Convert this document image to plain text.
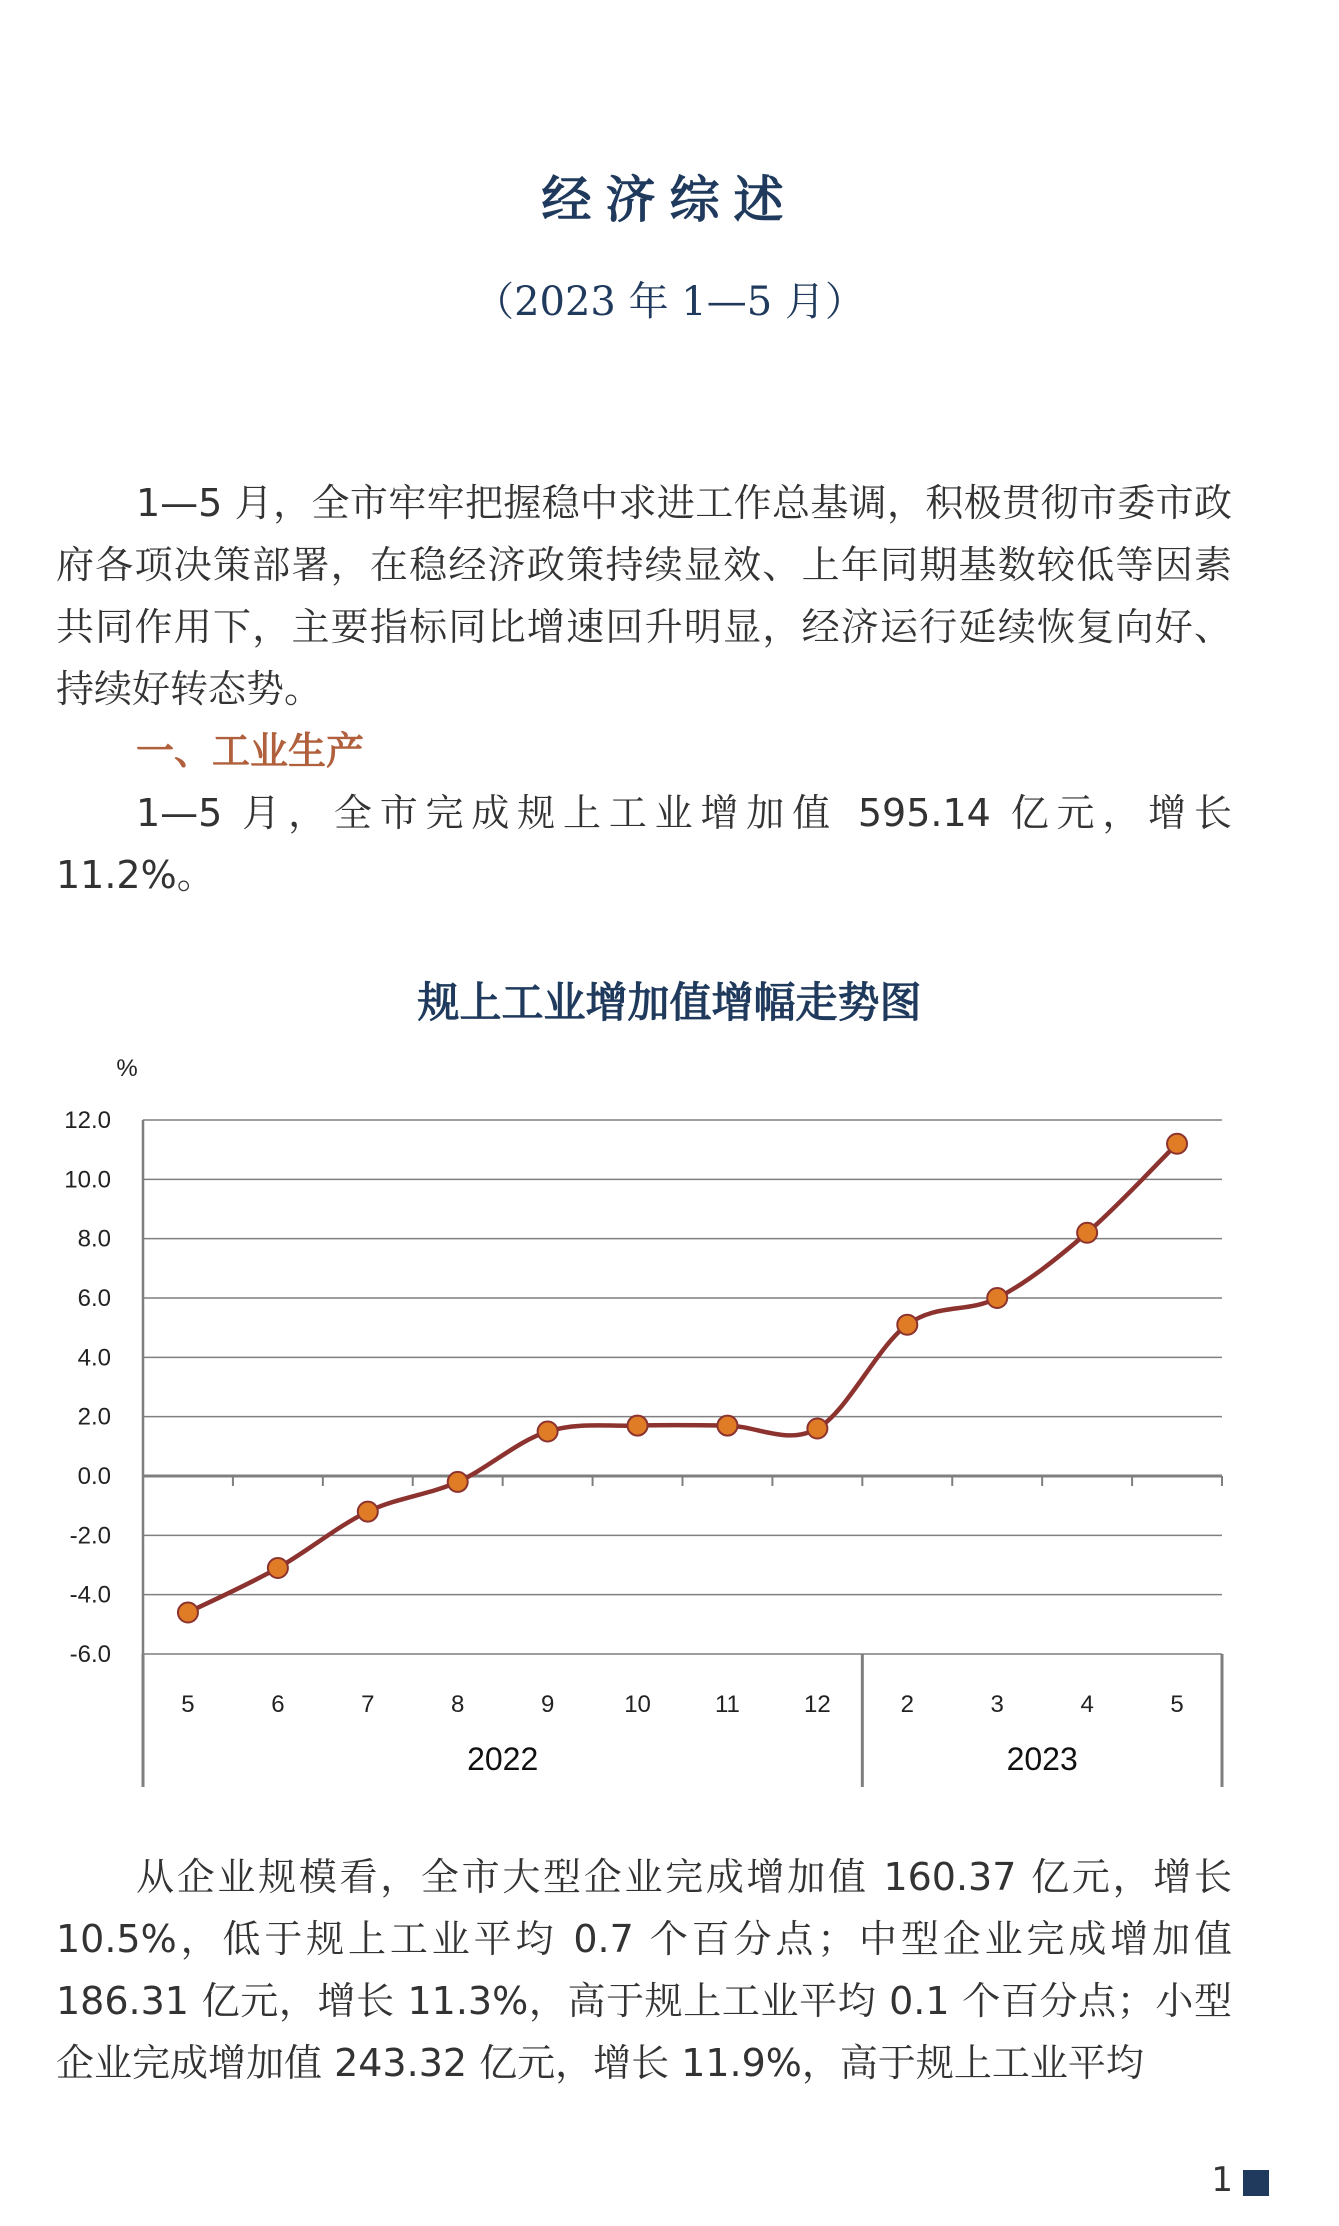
经济综述
（2023 年 1—5 月）
1—5 月，全市牢牢把握稳中求进工作总基调，积极贯彻市委市政府各项决策部署，在稳经济政策持续显效、上年同期基数较低等因素共同作用下，主要指标同比增速回升明显，经济运行延续恢复向好、持续好转态势。
一、工业生产
1—5 月，全市完成规上工业增加值 595.14 亿元，增长 11.2%。
规上工业增加值增幅走势图
12.0
10.0
8.0
6.0
4.0
2.0
0.0
-2.0
-4.0
-6.0
%
5	6	7	8	9	10	11	12	2	3	4	5
2022	2023
从企业规模看，全市大型企业完成增加值 160.37 亿元，增长 10.5%，低于规上工业平均 0.7 个百分点；中型企业完成增加值 186.31 亿元，增长 11.3%，高于规上工业平均 0.1 个百分点；小型企业完成增加值 243.32 亿元，增长 11.9%，高于规上工业平均
1
